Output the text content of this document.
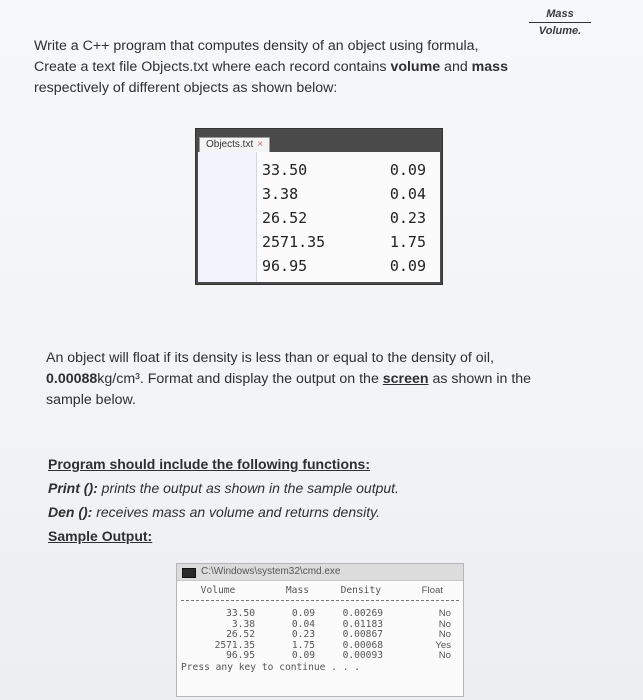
Mass
Volume.
Write a C++ program that computes density of an object using formula,
Create a text file Objects.txt where each record contains volume and mass
respectively of different objects as shown below:
Objects.txt ×
33.50	0.09
3.38	0.04
26.52	0.23
2571.35	1.75
96.95	0.09
An object will float if its density is less than or equal to the density of oil,
0.00088kg/cm³. Format and display the output on the screen as shown in the
sample below.
Program should include the following functions:
Print (): prints the output as shown in the sample output.
Den (): receives mass an volume and returns density.
Sample Output:
C:\Windows\system32\cmd.exe
Volume	Mass	Density	Float
33.50	0.09	0.00269	No
3.38	0.04	0.01183	No
26.52	0.23	0.00867	No
2571.35	1.75	0.00068	Yes
96.95	0.09	0.00093	No
Press any key to continue . . .
